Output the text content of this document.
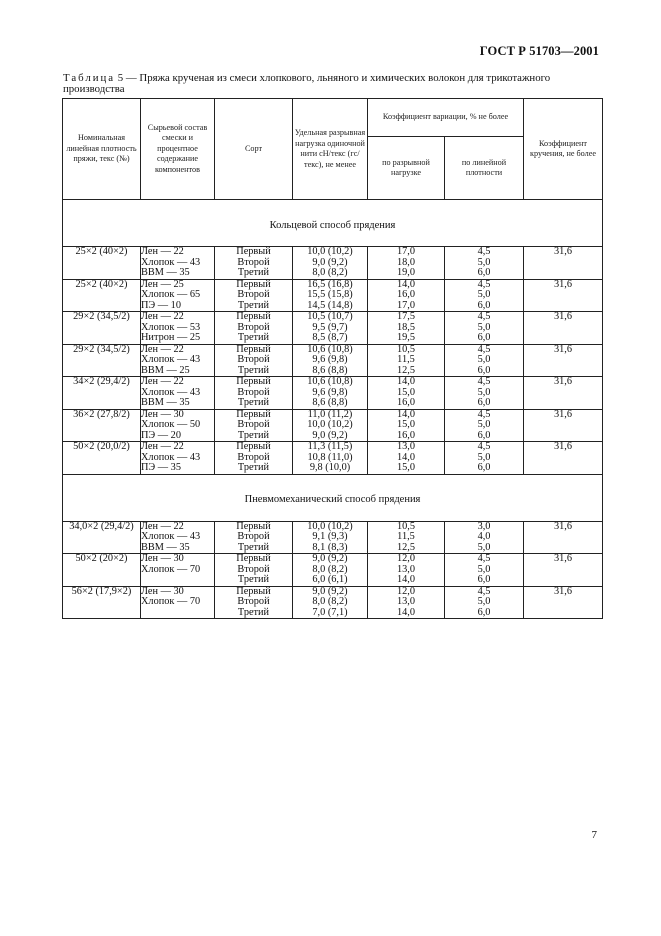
ГОСТ Р 51703—2001
Таблица 5 — Пряжа крученая из смеси хлопкового, льняного и химических волокон для трикотажного производства
Номинальная линейная плотность пряжи, текс (№)	Сырьевой состав смески и процентное содержание компонентов	Сорт	Удельная разрывная нагрузка одиночной нити сН/текс (гс/текс), не менее	Коэффициент вариации, % не более		Коэффициент кручения, не более
				по разрывной нагрузке	по линейной плотности	
Кольцевой способ прядения						

25×2 (40×2)	Лен — 22
Хлопок — 43
ВВМ — 35	Первый
Второй
Третий	10,0 (10,2)
9,0 (9,2)
8,0 (8,2)	17,0
18,0
19,0	4,5
5,0
6,0	31,6

25×2 (40×2)	Лен — 25
Хлопок — 65
ПЭ — 10	Первый
Второй
Третий	16,5 (16,8)
15,5 (15,8)
14,5 (14,8)	14,0
16,0
17,0	4,5
5,0
6,0	31,6

29×2 (34,5/2)	Лен — 22
Хлопок — 53
Нитрон — 25	Первый
Второй
Третий	10,5 (10,7)
9,5 (9,7)
8,5 (8,7)	17,5
18,5
19,5	4,5
5,0
6,0	31,6

29×2 (34,5/2)	Лен — 22
Хлопок — 43
ВВМ — 25	Первый
Второй
Третий	10,6 (10,8)
9,6 (9,8)
8,6 (8,8)	10,5
11,5
12,5	4,5
5,0
6,0	31,6

34×2 (29,4/2)	Лен — 22
Хлопок — 43
ВВМ — 35	Первый
Второй
Третий	10,6 (10,8)
9,6 (9,8)
8,6 (8,8)	14,0
15,0
16,0	4,5
5,0
6,0	31,6

36×2 (27,8/2)	Лен — 30
Хлопок — 50
ПЭ — 20	Первый
Второй
Третий	11,0 (11,2)
10,0 (10,2)
9,0 (9,2)	14,0
15,0
16,0	4,5
5,0
6,0	31,6

50×2 (20,0/2)	Лен — 22
Хлопок — 43
ПЭ — 35	Первый
Второй
Третий	11,3 (11,5)
10,8 (11,0)
9,8 (10,0)	13,0
14,0
15,0	4,5
5,0
6,0	31,6

Пневмомеханический способ прядения						

34,0×2 (29,4/2)	Лен — 22
Хлопок — 43
ВВМ — 35	Первый
Второй
Третий	10,0 (10,2)
9,1 (9,3)
8,1 (8,3)	10,5
11,5
12,5	3,0
4,0
5,0	31,6

50×2 (20×2)	Лен — 30
Хлопок — 70	Первый
Второй
Третий	9,0 (9,2)
8,0 (8,2)
6,0 (6,1)	12,0
13,0
14,0	4,5
5,0
6,0	31,6

56×2 (17,9×2)	Лен — 30
Хлопок — 70	Первый
Второй
Третий	9,0 (9,2)
8,0 (8,2)
7,0 (7,1)	12,0
13,0
14,0	4,5
5,0
6,0	31,6
7
